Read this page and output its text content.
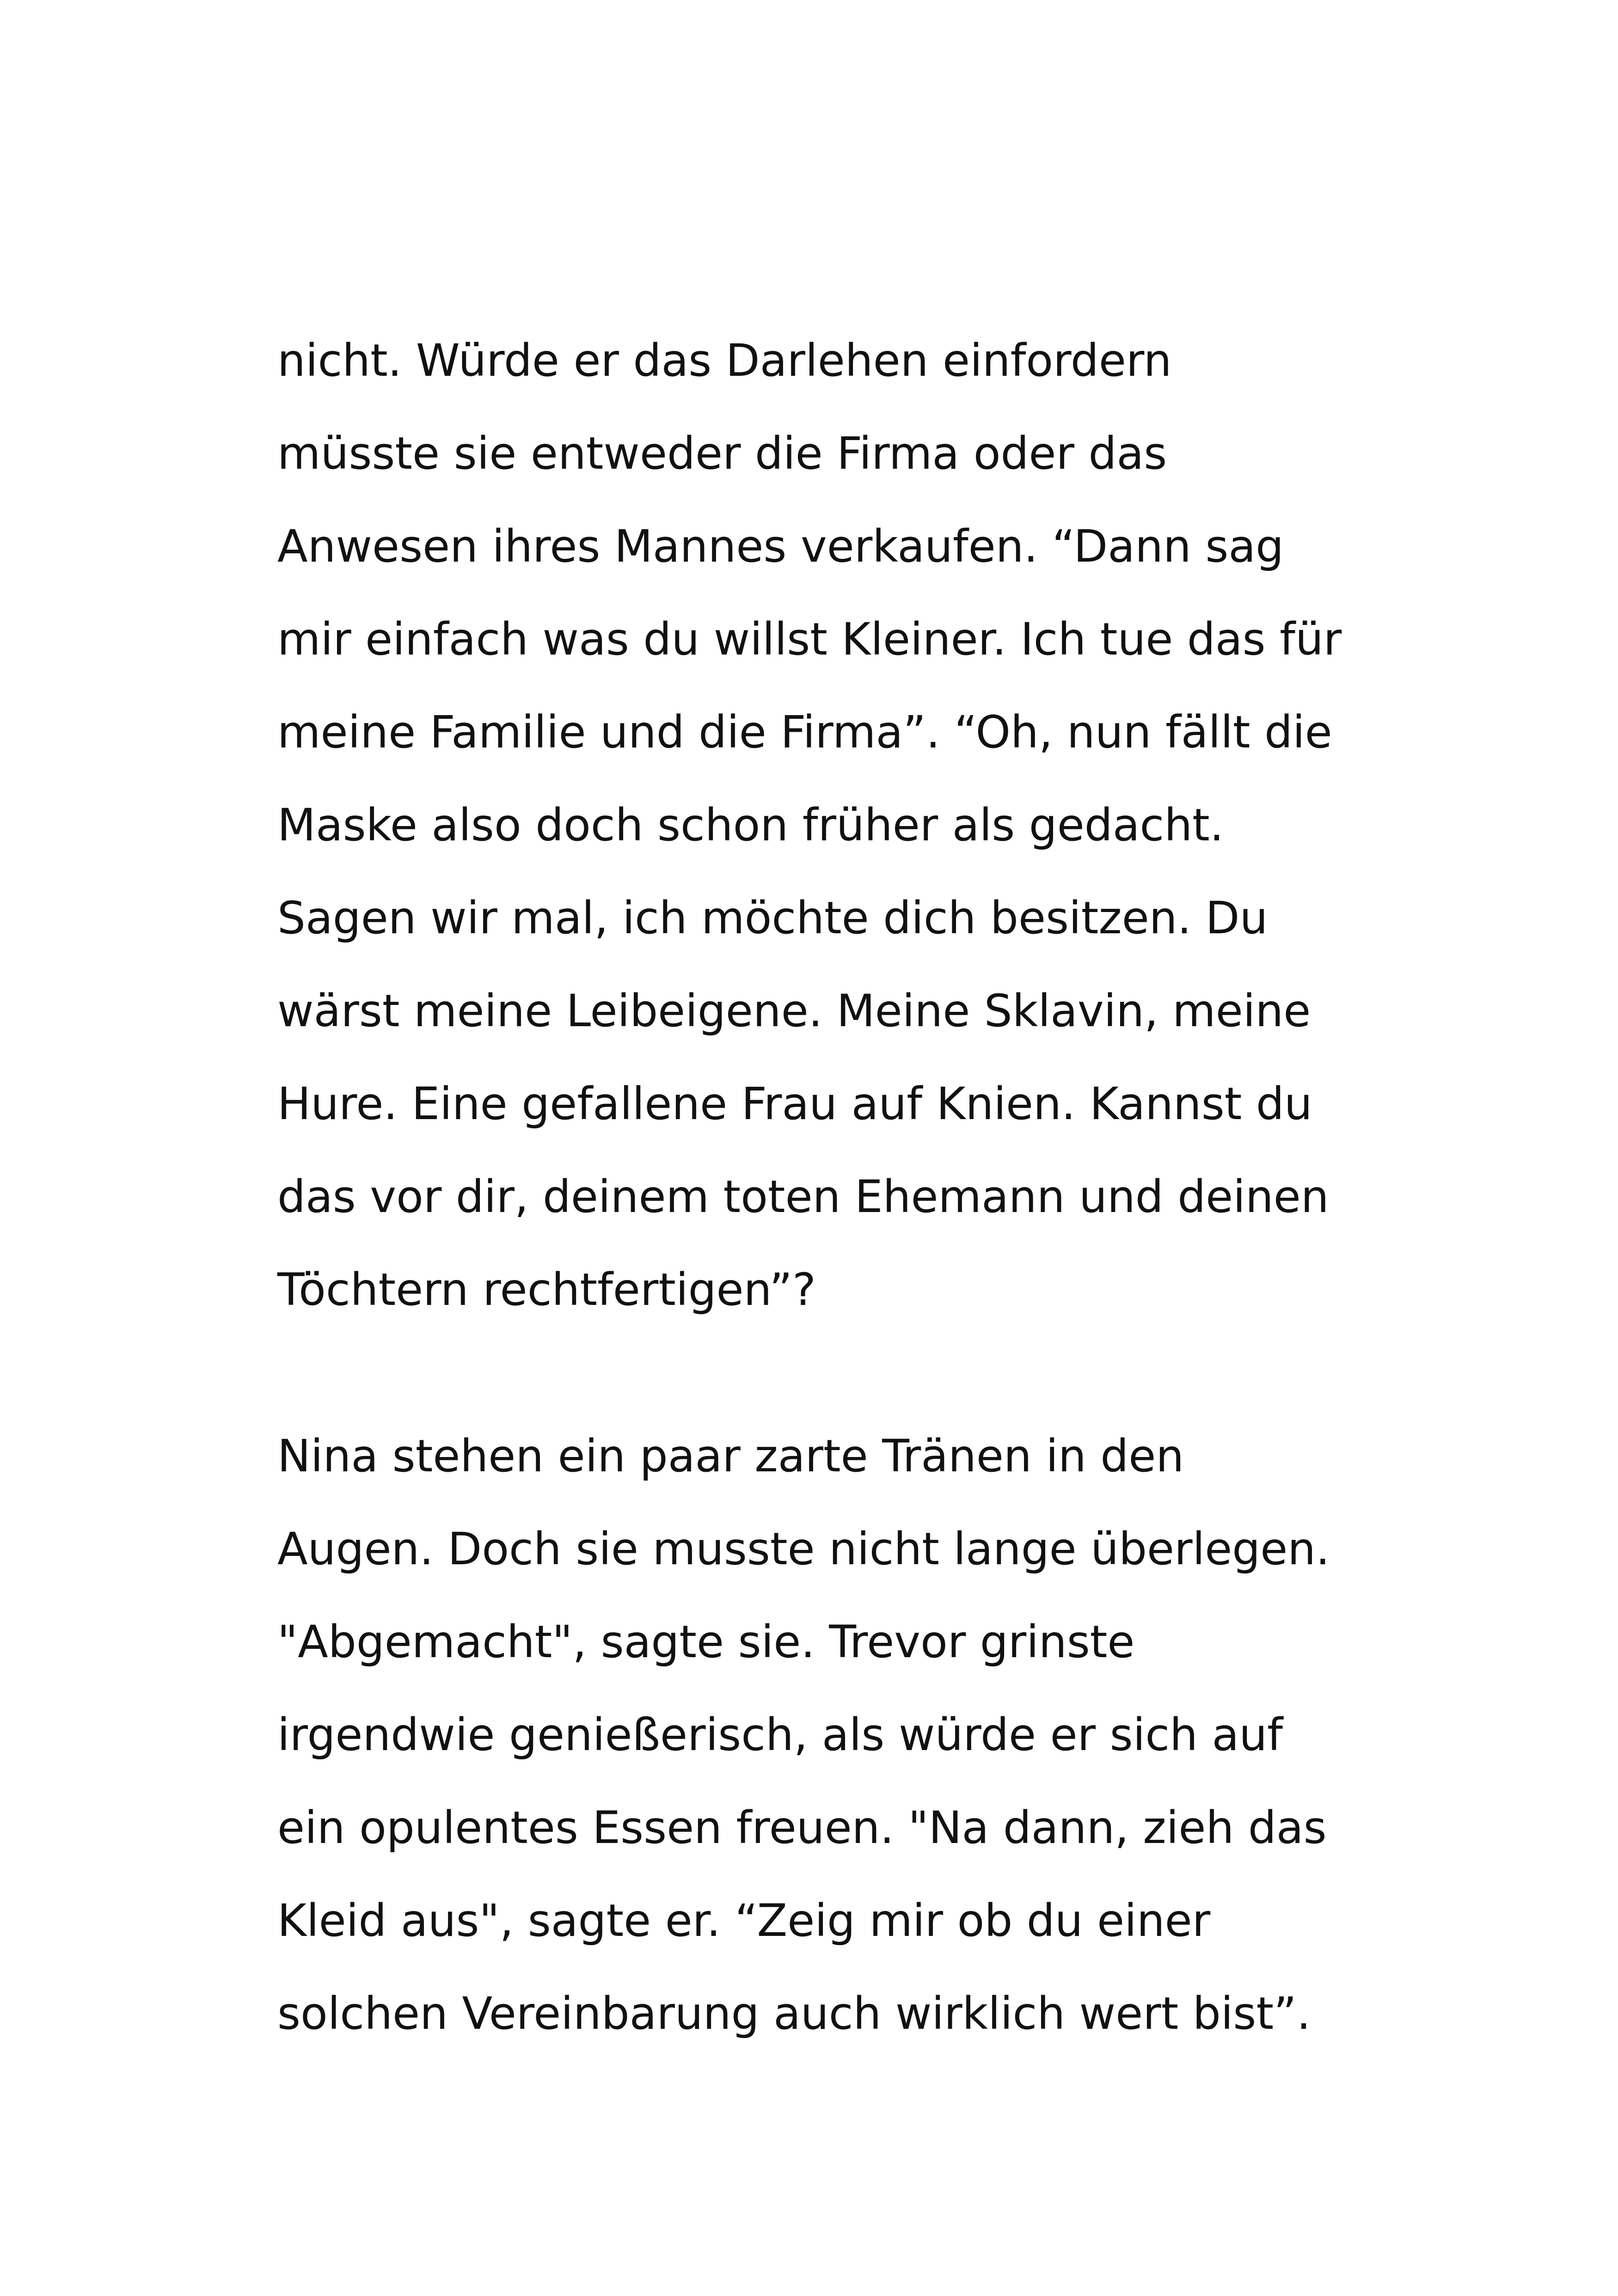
nicht. Würde er das Darlehen einfordern
müsste sie entweder die Firma oder das
Anwesen ihres Mannes verkaufen. “Dann sag
mir einfach was du willst Kleiner. Ich tue das für
meine Familie und die Firma”. “Oh, nun fällt die
Maske also doch schon früher als gedacht.
Sagen wir mal, ich möchte dich besitzen. Du
wärst meine Leibeigene. Meine Sklavin, meine
Hure. Eine gefallene Frau auf Knien. Kannst du
das vor dir, deinem toten Ehemann und deinen
Töchtern rechtfertigen”?
Nina stehen ein paar zarte Tränen in den
Augen. Doch sie musste nicht lange überlegen.
"Abgemacht", sagte sie. Trevor grinste
irgendwie genießerisch, als würde er sich auf
ein opulentes Essen freuen. "Na dann, zieh das
Kleid aus", sagte er. “Zeig mir ob du einer
solchen Vereinbarung auch wirklich wert bist”.
